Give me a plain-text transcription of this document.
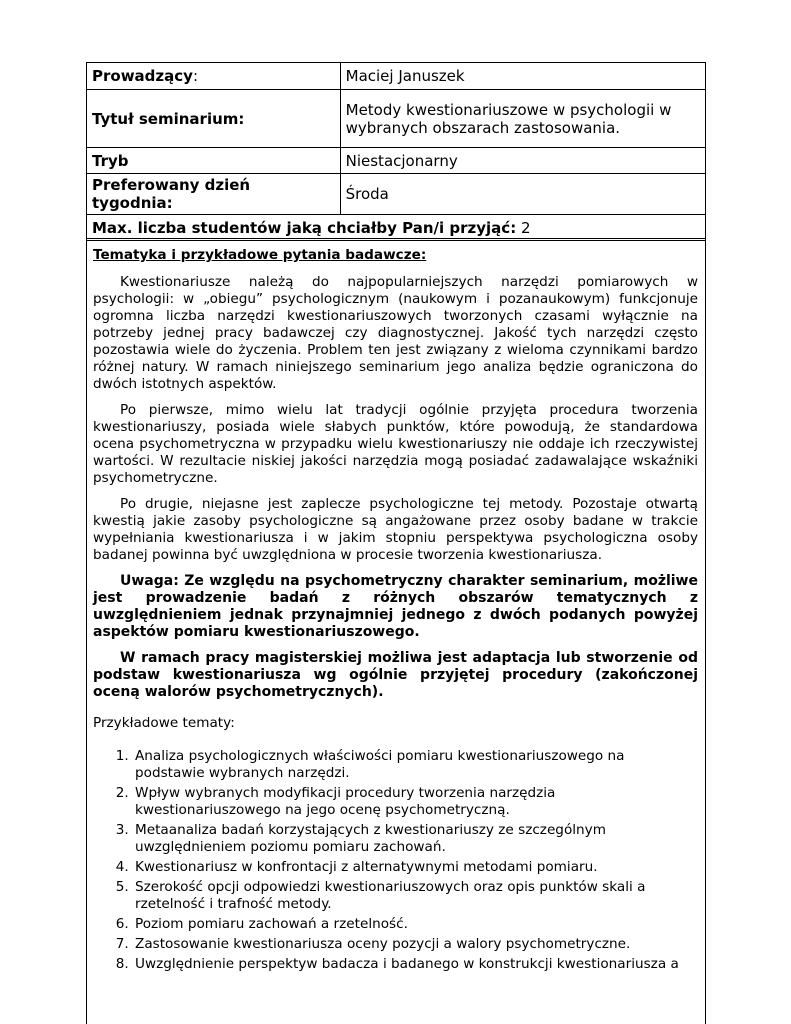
Prowadzący:	Maciej Januszek
Tytuł seminarium:	Metody kwestionariuszowe w psychologii w wybranych obszarach zastosowania.
Tryb	Niestacjonarny
Preferowany dzień tygodnia:	Środa
Max. liczba studentów jaką chciałby Pan/i przyjąć: 2	

Tematyka i przykładowe pytania badawcze:

Kwestionariusze należą do najpopularniejszych narzędzi pomiarowych w psychologii: w „obiegu” psychologicznym (naukowym i pozanaukowym) funkcjonuje ogromna liczba narzędzi kwestionariuszowych tworzonych czasami wyłącznie na potrzeby jednej pracy badawczej czy diagnostycznej. Jakość tych narzędzi często pozostawia wiele do życzenia. Problem ten jest związany z wieloma czynnikami bardzo różnej natury. W ramach niniejszego seminarium jego analiza będzie ograniczona do dwóch istotnych aspektów.

Po pierwsze, mimo wielu lat tradycji ogólnie przyjęta procedura tworzenia kwestionariuszy, posiada wiele słabych punktów, które powodują, że standardowa ocena psychometryczna w przypadku wielu kwestionariuszy nie oddaje ich rzeczywistej wartości. W rezultacie niskiej jakości narzędzia mogą posiadać zadawalające wskaźniki psychometryczne.

Po drugie, niejasne jest zaplecze psychologiczne tej metody. Pozostaje otwartą kwestią jakie zasoby psychologiczne są angażowane przez osoby badane w trakcie wypełniania kwestionariusza i w jakim stopniu perspektywa psychologiczna osoby badanej powinna być uwzględniona w procesie tworzenia kwestionariusza.

Uwaga: Ze względu na psychometryczny charakter seminarium, możliwe jest prowadzenie badań z różnych obszarów tematycznych z uwzględnieniem jednak przynajmniej jednego z dwóch podanych powyżej aspektów pomiaru kwestionariuszowego.

W ramach pracy magisterskiej możliwa jest adaptacja lub stworzenie od podstaw kwestionariusza wg ogólnie przyjętej procedury (zakończonej oceną walorów psychometrycznych).

Przykładowe tematy:

1. Analiza psychologicznych właściwości pomiaru kwestionariuszowego na podstawie wybranych narzędzi.
2. Wpływ wybranych modyfikacji procedury tworzenia narzędzia kwestionariuszowego na jego ocenę psychometryczną.
3. Metaanaliza badań korzystających z kwestionariuszy ze szczególnym uwzględnieniem poziomu pomiaru zachowań.
4. Kwestionariusz w konfrontacji z alternatywnymi metodami pomiaru.
5. Szerokość opcji odpowiedzi kwestionariuszowych oraz opis punktów skali a rzetelność i trafność metody.
6. Poziom pomiaru zachowań a rzetelność.
7. Zastosowanie kwestionariusza oceny pozycji a walory psychometryczne.
8. Uwzględnienie perspektyw badacza i badanego w konstrukcji kwestionariusza a
